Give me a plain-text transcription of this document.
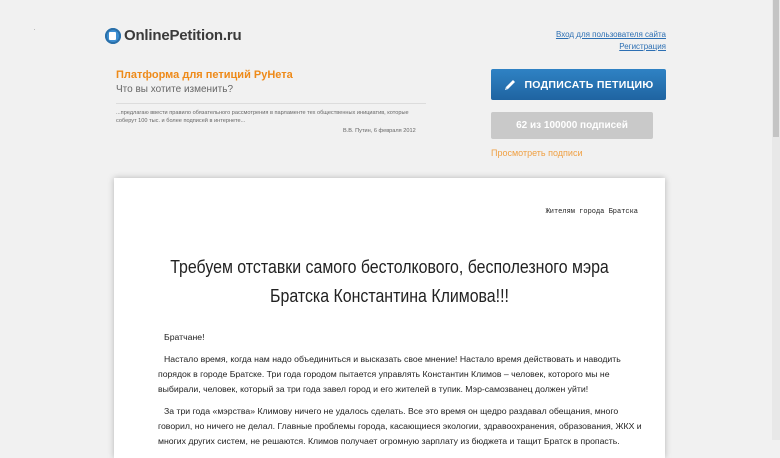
OnlinePetition.ru	Вход для пользователя сайта
Регистрация
Платформа для петиций РуНета
Что вы хотите изменить?
...предлагаю ввести правило обязательного рассмотрения в парламенте тех общественных инициатив, которые соберут 100 тыс. и более подписей в интернете...
В.В. Путин, 6 февраля 2012
ПОДПИСАТЬ ПЕТИЦИЮ
62 из 100000 подписей
Просмотреть подписи
Жителям города Братска
Требуем отставки самого бестолкового, бесполезного мэра Братска Константина Климова!!!

Братчане!

Настало время, когда нам надо объединиться и высказать свое мнение! Настало время действовать и наводить порядок в городе Братске. Три года городом пытается управлять Константин Климов – человек, которого мы не выбирали, человек, который за три года завел город и его жителей в тупик. Мэр-самозванец должен уйти!

За три года «мэрства» Климову ничего не удалось сделать. Все это время он щедро раздавал обещания, много говорил, но ничего не делал. Главные проблемы города, касающиеся экологии, здравоохранения, образования, ЖКХ и многих других систем, не решаются. Климов получает огромную зарплату из бюджета и тащит Братск в пропасть.
